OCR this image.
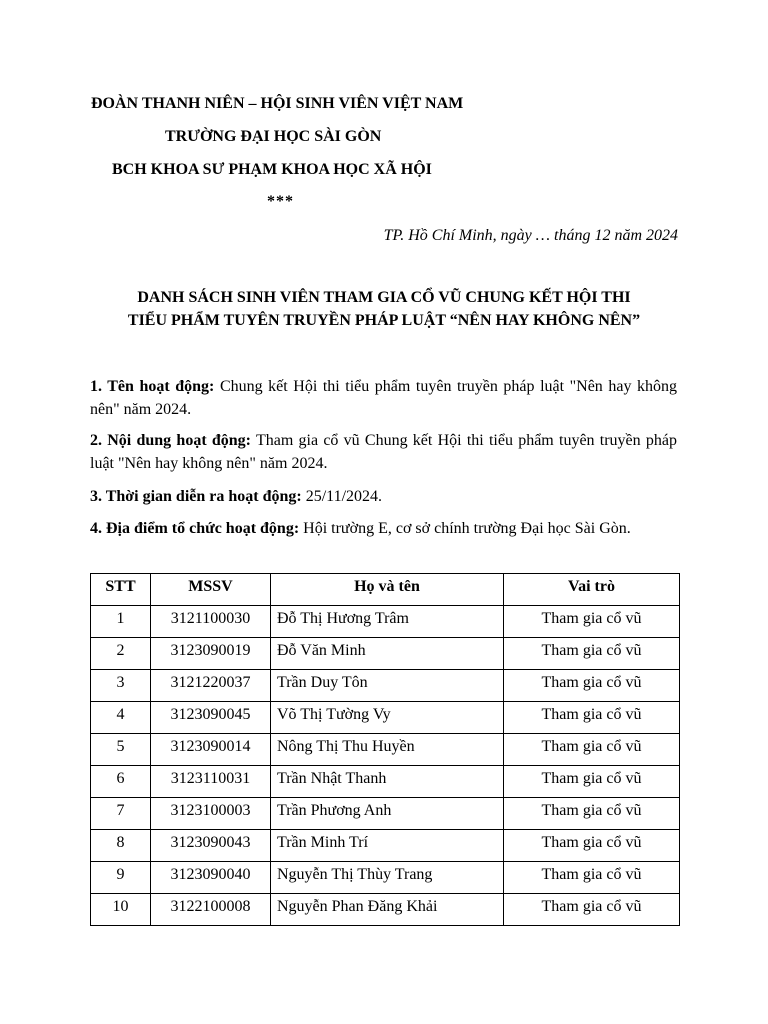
ĐOÀN THANH NIÊN – HỘI SINH VIÊN VIỆT NAM
TRƯỜNG ĐẠI HỌC SÀI GÒN
BCH KHOA SƯ PHẠM KHOA HỌC XÃ HỘI
***
TP. Hồ Chí Minh, ngày … tháng 12 năm 2024
DANH SÁCH SINH VIÊN THAM GIA CỔ VŨ CHUNG KẾT HỘI THI
TIỂU PHẨM TUYÊN TRUYỀN PHÁP LUẬT “NÊN HAY KHÔNG NÊN”
1. Tên hoạt động: Chung kết Hội thi tiểu phẩm tuyên truyền pháp luật "Nên hay không nên" năm 2024.
2. Nội dung hoạt động: Tham gia cổ vũ Chung kết Hội thi tiểu phẩm tuyên truyền pháp luật "Nên hay không nên" năm 2024.
3. Thời gian diễn ra hoạt động: 25/11/2024.
4. Địa điểm tổ chức hoạt động: Hội trường E, cơ sở chính trường Đại học Sài Gòn.
STT	MSSV	Họ và tên	Vai trò
1	3121100030	Đỗ Thị Hương Trâm	Tham gia cổ vũ
2	3123090019	Đỗ Văn Minh	Tham gia cổ vũ
3	3121220037	Trần Duy Tôn	Tham gia cổ vũ
4	3123090045	Võ Thị Tường Vy	Tham gia cổ vũ
5	3123090014	Nông Thị Thu Huyền	Tham gia cổ vũ
6	3123110031	Trần Nhật Thanh	Tham gia cổ vũ
7	3123100003	Trần Phương Anh	Tham gia cổ vũ
8	3123090043	Trần Minh Trí	Tham gia cổ vũ
9	3123090040	Nguyễn Thị Thùy Trang	Tham gia cổ vũ
10	3122100008	Nguyễn Phan Đăng Khải	Tham gia cổ vũ
